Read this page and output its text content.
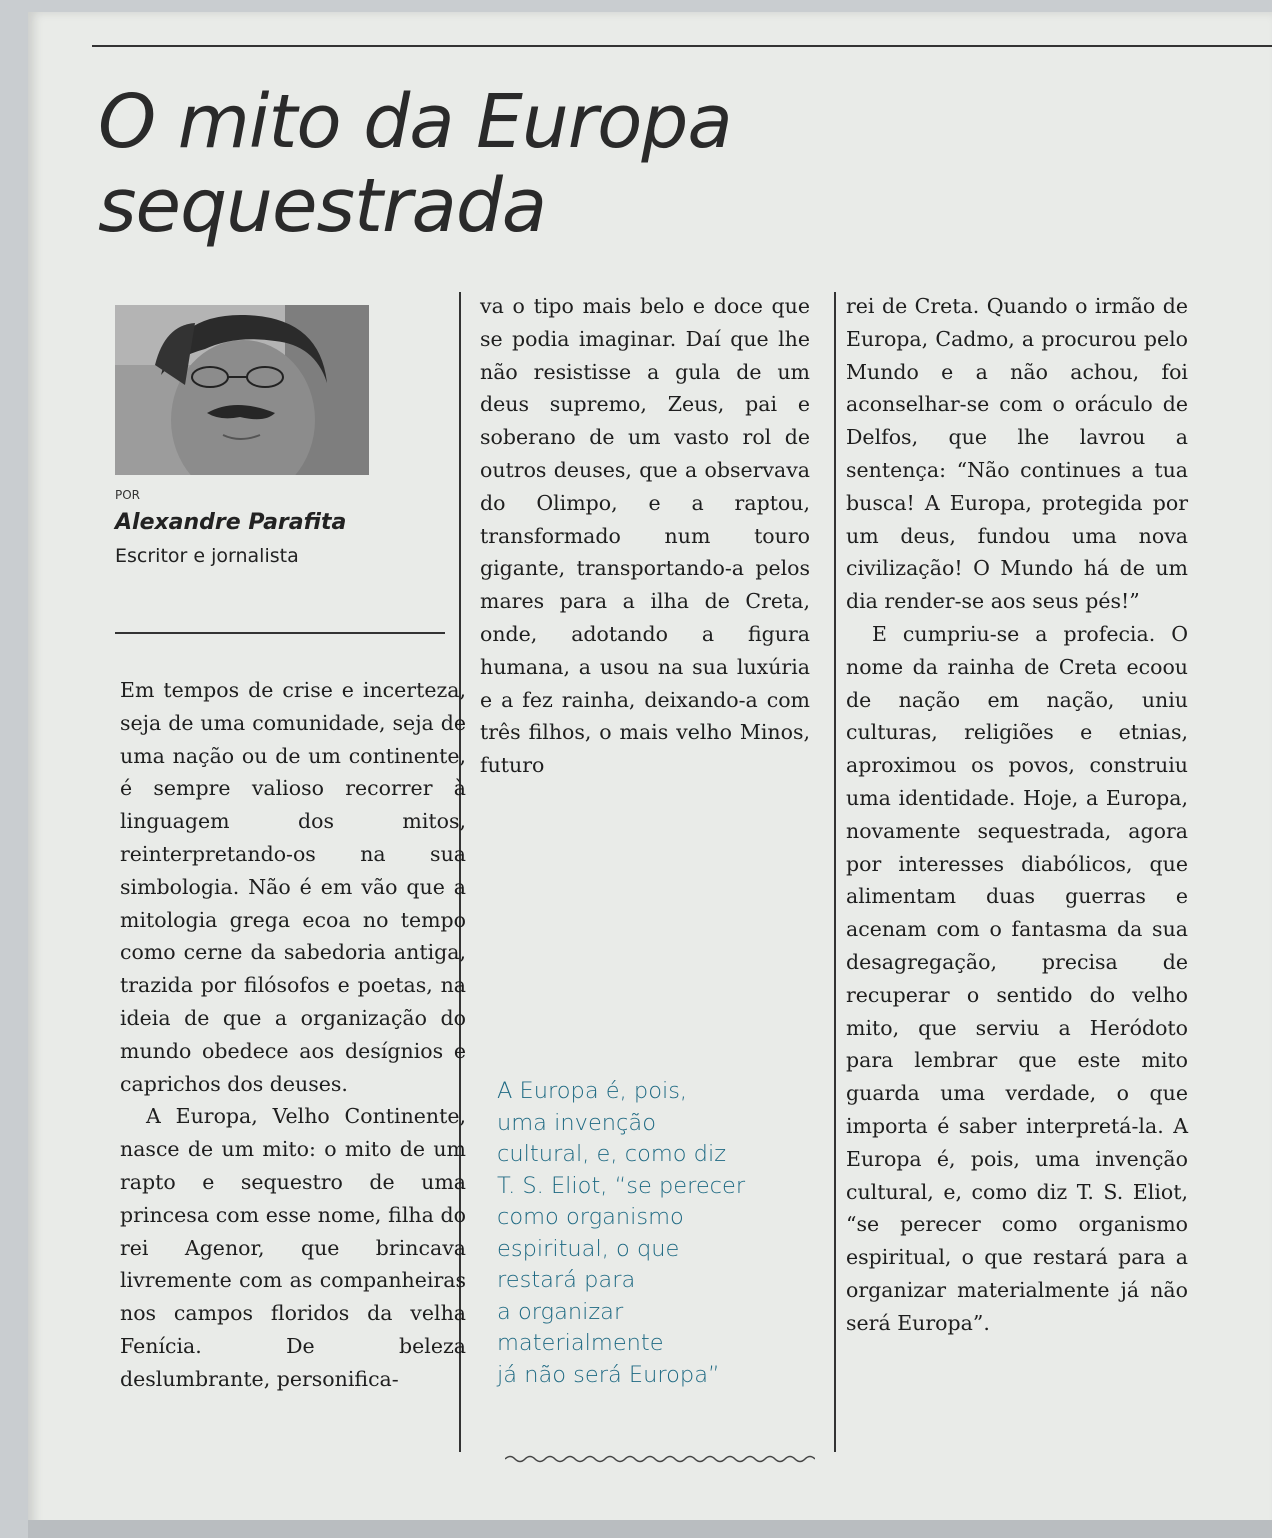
O mito da Europa
sequestrada
POR
Alexandre Parafita
Escritor e jornalista

Em tempos de crise e incerteza, seja de uma comunidade, seja de uma nação ou de um continente, é sempre valioso recorrer à linguagem dos mitos, reinterpretando-os na sua simbologia. Não é em vão que a mitologia grega ecoa no tempo como cerne da sabedoria antiga, trazida por filósofos e poetas, na ideia de que a organização do mundo obedece aos desígnios e caprichos dos deuses.

A Europa, Velho Continente, nasce de um mito: o mito de um rapto e sequestro de uma princesa com esse nome, filha do rei Agenor, que brincava livremente com as companheiras nos campos floridos da velha Fenícia. De beleza deslumbrante, personifica-

va o tipo mais belo e doce que se podia imaginar. Daí que lhe não resistisse a gula de um deus supremo, Zeus, pai e soberano de um vasto rol de outros deuses, que a observava do Olimpo, e a raptou, transformado num touro gigante, transportando-a pelos mares para a ilha de Creta, onde, adotando a figura humana, a usou na sua luxúria e a fez rainha, deixando-a com três filhos, o mais velho Minos, futuro

A Europa é, pois,
uma invenção
cultural, e, como diz
T. S. Eliot, “se perecer
como organismo
espiritual, o que
restará para
a organizar
materialmente
já não será Europa”

rei de Creta. Quando o irmão de Europa, Cadmo, a procurou pelo Mundo e a não achou, foi aconselhar-se com o oráculo de Delfos, que lhe lavrou a sentença: “Não continues a tua busca! A Europa, protegida por um deus, fundou uma nova civilização! O Mundo há de um dia render-se aos seus pés!”

E cumpriu-se a profecia. O nome da rainha de Creta ecoou de nação em nação, uniu culturas, religiões e etnias, aproximou os povos, construiu uma identidade. Hoje, a Europa, novamente sequestrada, agora por interesses diabólicos, que alimentam duas guerras e acenam com o fantasma da sua desagregação, precisa de recuperar o sentido do velho mito, que serviu a Heródoto para lembrar que este mito guarda uma verdade, o que importa é saber interpretá-la. A Europa é, pois, uma invenção cultural, e, como diz T. S. Eliot, “se perecer como organismo espiritual, o que restará para a organizar materialmente já não será Europa”.
